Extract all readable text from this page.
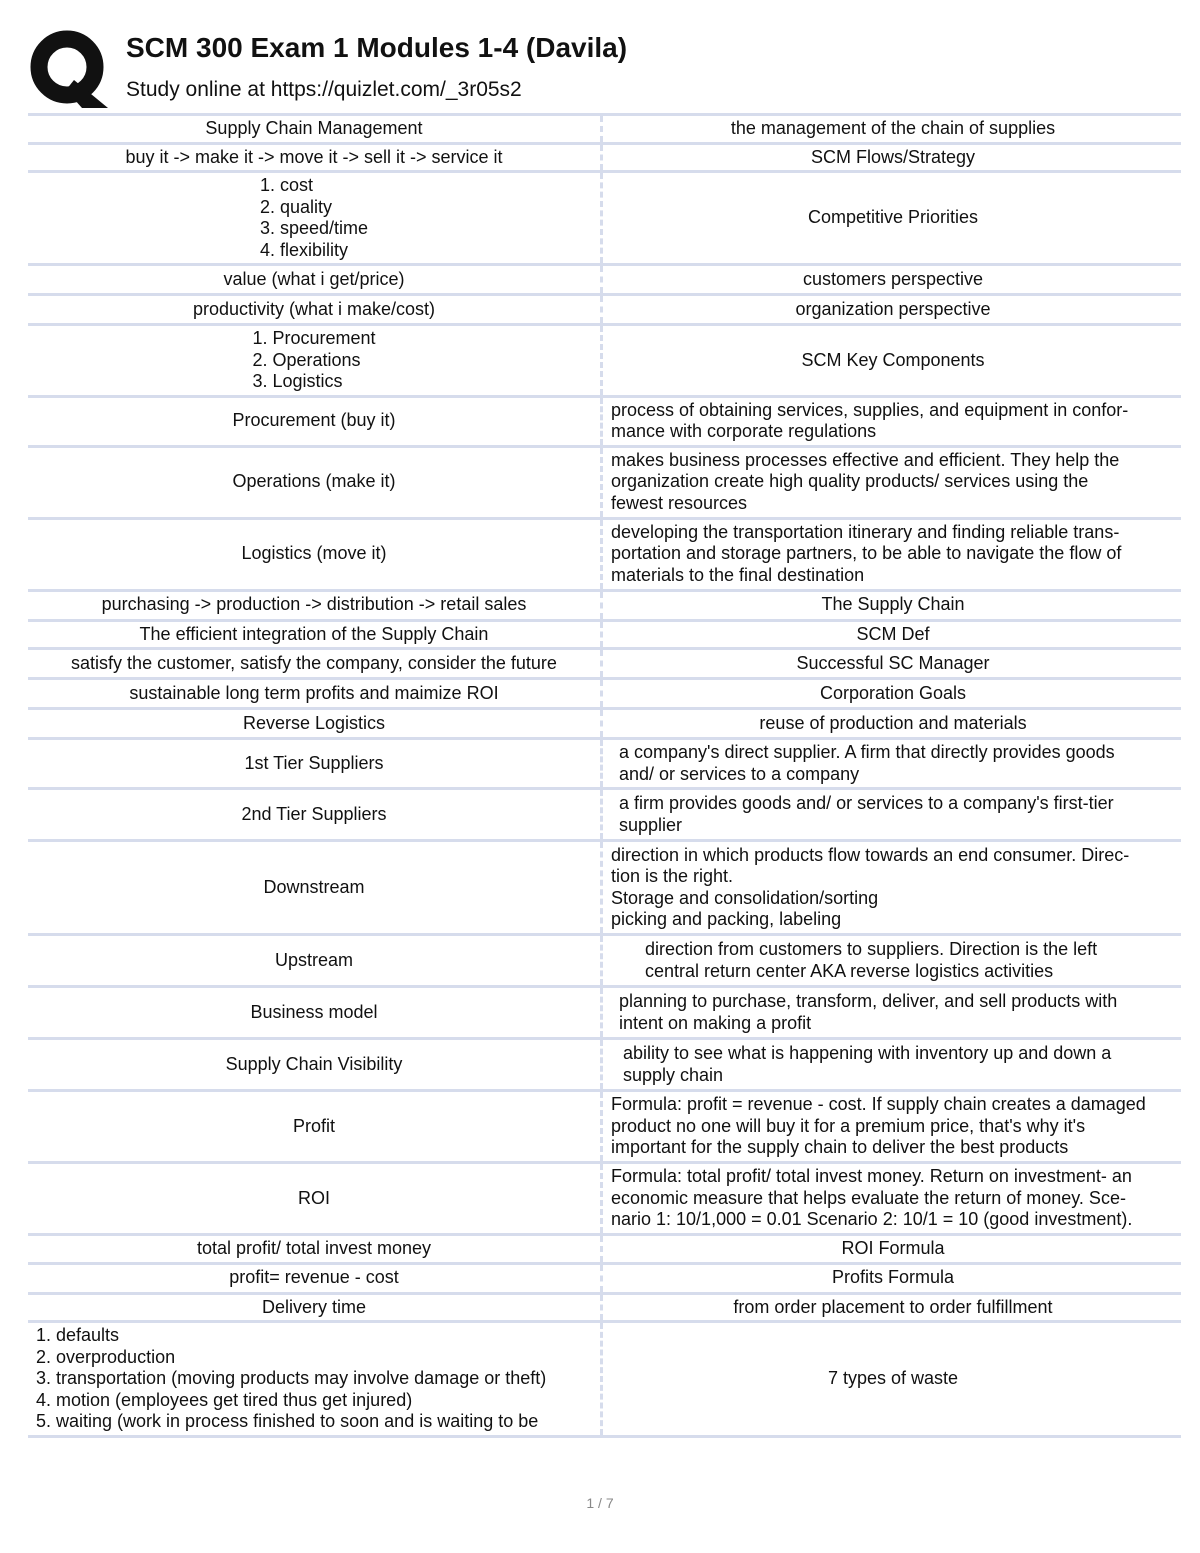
SCM 300 Exam 1 Modules 1-4 (Davila)
Study online at https://quizlet.com/_3r05s2
Supply Chain Management	the management of the chain of supplies

buy it -> make it -> move it -> sell it -> service it	SCM Flows/Strategy

1. cost
2. quality
3. speed/time
4. flexibility	Competitive Priorities

value (what i get/price)	customers perspective

productivity (what i make/cost)	organization perspective

1. Procurement
2. Operations
3. Logistics	SCM Key Components

Procurement (buy it)	process of obtaining services, supplies, and equipment in confor-
mance with corporate regulations

Operations (make it)	makes business processes effective and efficient. They help the
organization create high quality products/ services using the
fewest resources

Logistics (move it)	developing the transportation itinerary and finding reliable trans-
portation and storage partners, to be able to navigate the flow of
materials to the final destination

purchasing -> production -> distribution -> retail sales	The Supply Chain

The efficient integration of the Supply Chain	SCM Def

satisfy the customer, satisfy the company, consider the future	Successful SC Manager

sustainable long term profits and maimize ROI	Corporation Goals

Reverse Logistics	reuse of production and materials

1st Tier Suppliers	a company's direct supplier. A firm that directly provides goods
and/ or services to a company

2nd Tier Suppliers	a firm provides goods and/ or services to a company's first-tier
supplier

Downstream	direction in which products flow towards an end consumer. Direc-
tion is the right.
Storage and consolidation/sorting
picking and packing, labeling

Upstream	direction from customers to suppliers. Direction is the left
central return center AKA reverse logistics activities

Business model	planning to purchase, transform, deliver, and sell products with
intent on making a profit

Supply Chain Visibility	ability to see what is happening with inventory up and down a
supply chain

Profit	Formula: profit = revenue - cost. If supply chain creates a damaged
product no one will buy it for a premium price, that's why it's
important for the supply chain to deliver the best products

ROI	Formula: total profit/ total invest money. Return on investment- an
economic measure that helps evaluate the return of money. Sce-
nario 1: 10/1,000 = 0.01 Scenario 2: 10/1 = 10 (good investment).

total profit/ total invest money	ROI Formula

profit= revenue - cost	Profits Formula

Delivery time	from order placement to order fulfillment

1. defaults
2. overproduction
3. transportation (moving products may involve damage or theft)
4. motion (employees get tired thus get injured)
5. waiting (work in process finished to soon and is waiting to be	7 types of waste
1 / 7
